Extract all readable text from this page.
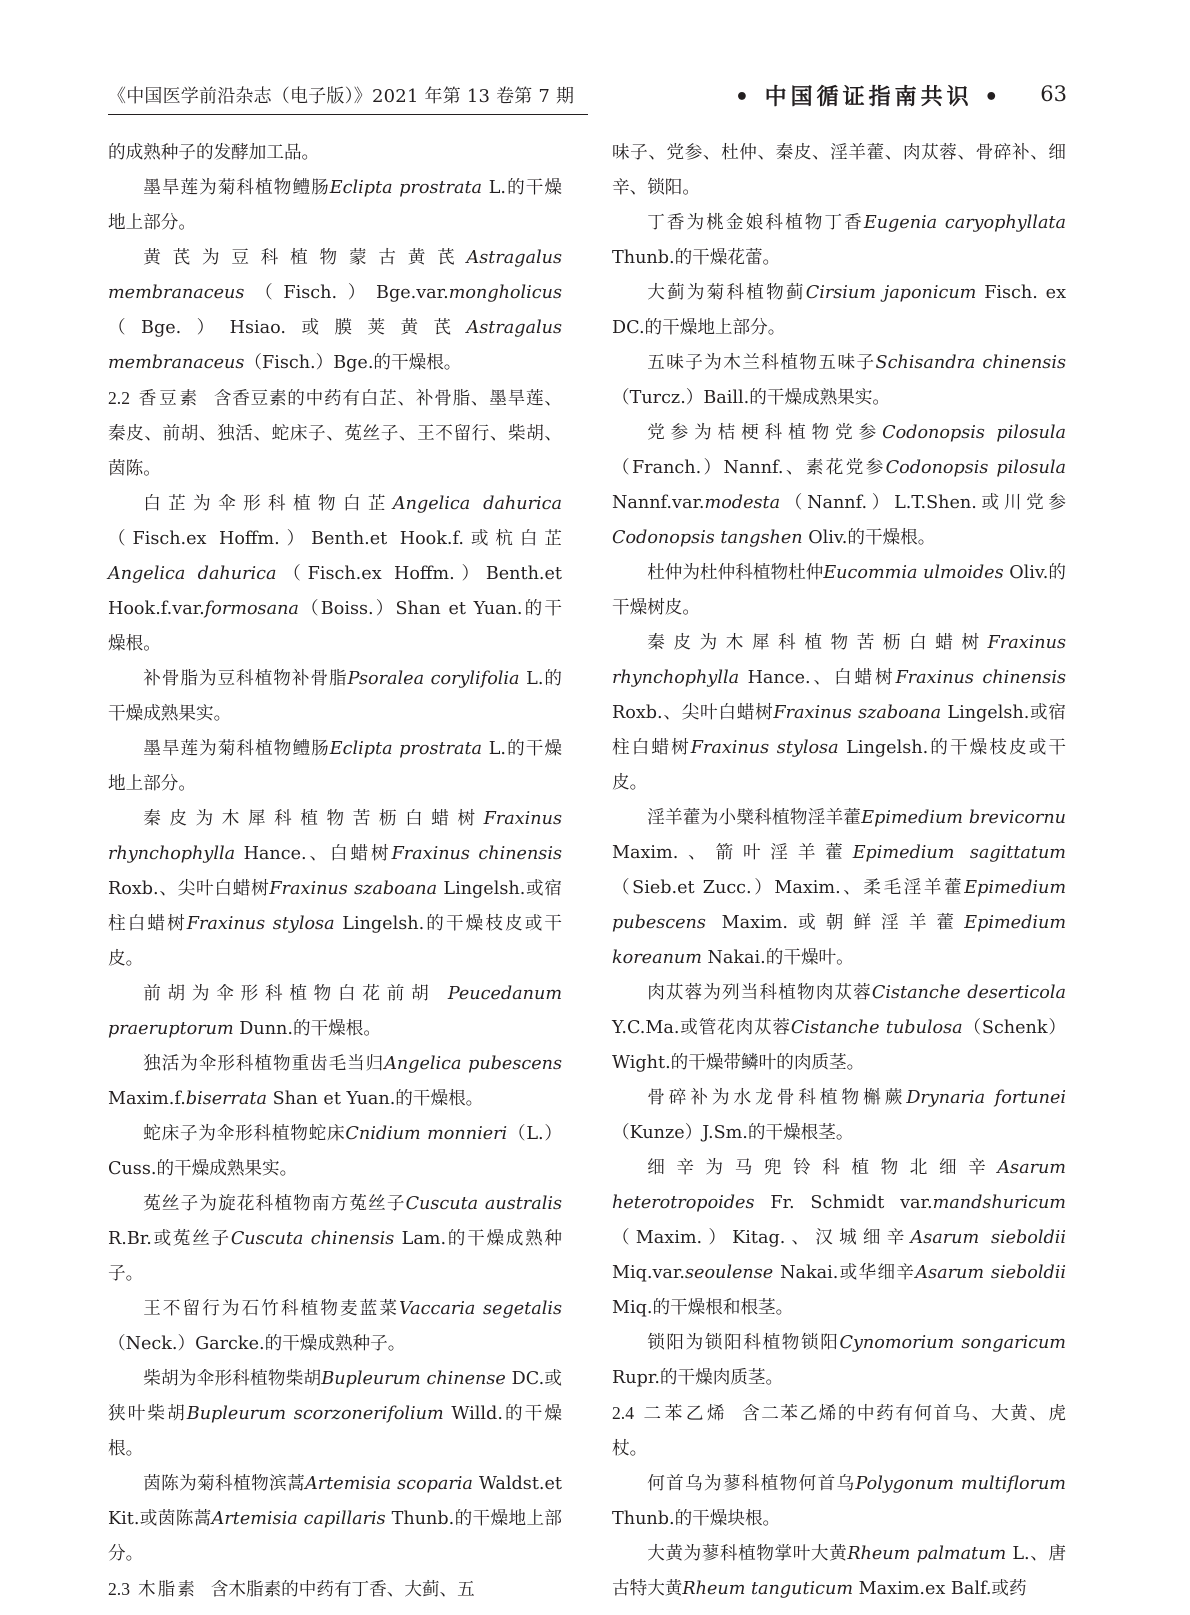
《中国医学前沿杂志（电子版）》2021 年第 13 卷第 7 期	• 中国循证指南共识 •	63

的成熟种子的发酵加工品。

墨旱莲为菊科植物鳢肠Eclipta prostrata L.的干燥地上部分。

黄芪为豆科植物蒙古黄芪Astragalus membranaceus（Fisch.）Bge.var.mongholicus（Bge.）Hsiao.或膜荚黄芪Astragalus membranaceus（Fisch.）Bge.的干燥根。

2.2 香豆素 含香豆素的中药有白芷、补骨脂、墨旱莲、秦皮、前胡、独活、蛇床子、菟丝子、王不留行、柴胡、茵陈。

白芷为伞形科植物白芷Angelica dahurica（Fisch.ex Hoffm.）Benth.et Hook.f.或杭白芷Angelica dahurica（Fisch.ex Hoffm.）Benth.et Hook.f.var.formosana（Boiss.）Shan et Yuan.的干燥根。

补骨脂为豆科植物补骨脂Psoralea corylifolia L.的干燥成熟果实。

墨旱莲为菊科植物鳢肠Eclipta prostrata L.的干燥地上部分。

秦皮为木犀科植物苦枥白蜡树Fraxinus rhynchophylla Hance.、白蜡树Fraxinus chinensis Roxb.、尖叶白蜡树Fraxinus szaboana Lingelsh.或宿柱白蜡树Fraxinus stylosa Lingelsh.的干燥枝皮或干皮。

前胡为伞形科植物白花前胡 Peucedanum praeruptorum Dunn.的干燥根。

独活为伞形科植物重齿毛当归Angelica pubescens Maxim.f.biserrata Shan et Yuan.的干燥根。

蛇床子为伞形科植物蛇床Cnidium monnieri（L.）Cuss.的干燥成熟果实。

菟丝子为旋花科植物南方菟丝子Cuscuta australis R.Br.或菟丝子Cuscuta chinensis Lam.的干燥成熟种子。

王不留行为石竹科植物麦蓝菜Vaccaria segetalis（Neck.）Garcke.的干燥成熟种子。

柴胡为伞形科植物柴胡Bupleurum chinense DC.或狭叶柴胡Bupleurum scorzonerifolium Willd.的干燥根。

茵陈为菊科植物滨蒿Artemisia scoparia Waldst.et Kit.或茵陈蒿Artemisia capillaris Thunb.的干燥地上部分。

2.3 木脂素 含木脂素的中药有丁香、大蓟、五

味子、党参、杜仲、秦皮、淫羊藿、肉苁蓉、骨碎补、细辛、锁阳。

丁香为桃金娘科植物丁香Eugenia caryophyllata Thunb.的干燥花蕾。

大蓟为菊科植物蓟Cirsium japonicum Fisch. ex DC.的干燥地上部分。

五味子为木兰科植物五味子Schisandra chinensis（Turcz.）Baill.的干燥成熟果实。

党参为桔梗科植物党参Codonopsis pilosula（Franch.）Nannf.、素花党参Codonopsis pilosula Nannf.var.modesta（Nannf.）L.T.Shen.或川党参Codonopsis tangshen Oliv.的干燥根。

杜仲为杜仲科植物杜仲Eucommia ulmoides Oliv.的干燥树皮。

秦皮为木犀科植物苦枥白蜡树Fraxinus rhynchophylla Hance.、白蜡树Fraxinus chinensis Roxb.、尖叶白蜡树Fraxinus szaboana Lingelsh.或宿柱白蜡树Fraxinus stylosa Lingelsh.的干燥枝皮或干皮。

淫羊藿为小檗科植物淫羊藿Epimedium brevicornu Maxim.、箭叶淫羊藿Epimedium sagittatum（Sieb.et Zucc.）Maxim.、柔毛淫羊藿Epimedium pubescens Maxim.或朝鲜淫羊藿Epimedium koreanum Nakai.的干燥叶。

肉苁蓉为列当科植物肉苁蓉Cistanche deserticola Y.C.Ma.或管花肉苁蓉Cistanche tubulosa（Schenk）Wight.的干燥带鳞叶的肉质茎。

骨碎补为水龙骨科植物槲蕨Drynaria fortunei（Kunze）J.Sm.的干燥根茎。

细辛为马兜铃科植物北细辛Asarum heterotropoides Fr. Schmidt var.mandshuricum（Maxim.）Kitag.、汉城细辛Asarum sieboldii Miq.var.seoulense Nakai.或华细辛Asarum sieboldii Miq.的干燥根和根茎。

锁阳为锁阳科植物锁阳Cynomorium songaricum Rupr.的干燥肉质茎。

2.4 二苯乙烯 含二苯乙烯的中药有何首乌、大黄、虎杖。

何首乌为蓼科植物何首乌Polygonum multiflorum Thunb.的干燥块根。

大黄为蓼科植物掌叶大黄Rheum palmatum L.、唐古特大黄Rheum tanguticum Maxim.ex Balf.或药
